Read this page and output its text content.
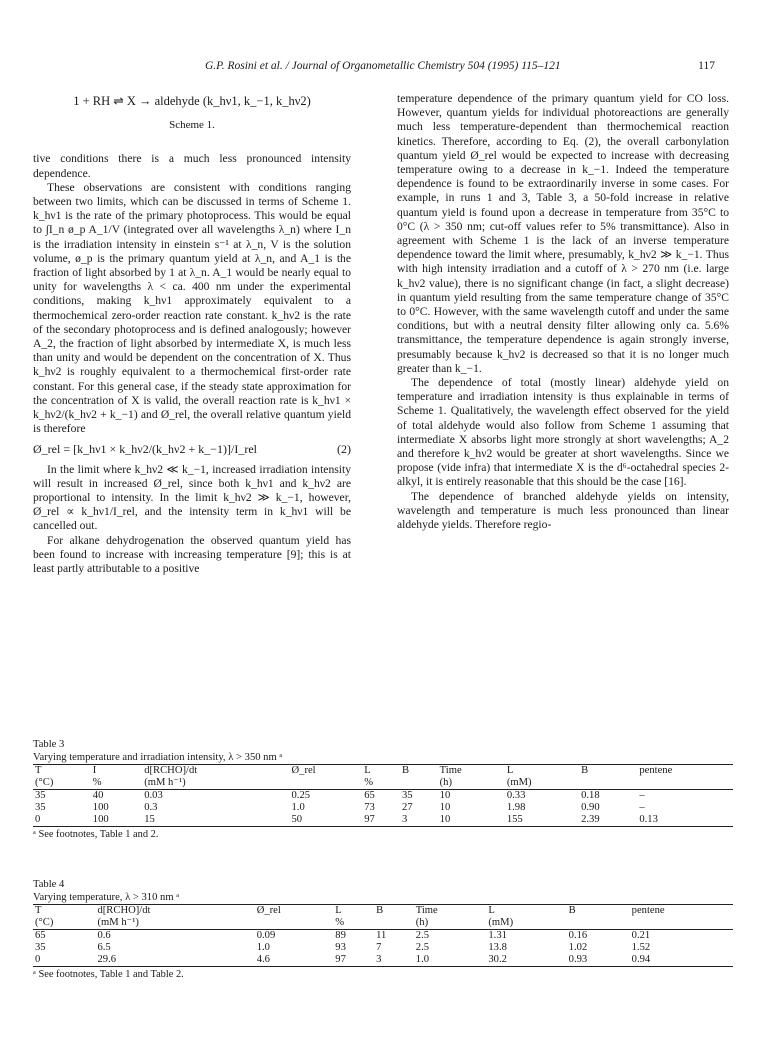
G.P. Rosini et al. / Journal of Organometallic Chemistry 504 (1995) 115–121	117
1 + RH ⇌ X → aldehyde (k_hν1, k_−1, k_hν2)
Scheme 1.

tive conditions there is a much less pronounced intensity dependence.

These observations are consistent with conditions ranging between two limits, which can be discussed in terms of Scheme 1. k_hν1 is the rate of the primary photoprocess. This would be equal to ∫I_n ø_p A_1/V (integrated over all wavelengths λ_n) where I_n is the irradiation intensity in einstein s⁻¹ at λ_n, V is the solution volume, ø_p is the primary quantum yield at λ_n, and A_1 is the fraction of light absorbed by 1 at λ_n. A_1 would be nearly equal to unity for wavelengths λ < ca. 400 nm under the experimental conditions, making k_hν1 approximately equivalent to a thermochemical zero-order reaction rate constant. k_hν2 is the rate of the secondary photoprocess and is defined analogously; however A_2, the fraction of light absorbed by intermediate X, is much less than unity and would be dependent on the concentration of X. Thus k_hν2 is roughly equivalent to a thermochemical first-order rate constant. For this general case, if the steady state approximation for the concentration of X is valid, the overall reaction rate is k_hν1 × k_hν2/(k_hν2 + k_−1) and Ø_rel, the overall relative quantum yield is therefore

Ø_rel = [k_hν1 × k_hν2/(k_hν2 + k_−1)]/I_rel	(2)

In the limit where k_hν2 ≪ k_−1, increased irradiation intensity will result in increased Ø_rel, since both k_hν1 and k_hν2 are proportional to intensity. In the limit k_hν2 ≫ k_−1, however, Ø_rel ∝ k_hν1/I_rel, and the intensity term in k_hν1 will be cancelled out.

For alkane dehydrogenation the observed quantum yield has been found to increase with increasing temperature [9]; this is at least partly attributable to a positive

temperature dependence of the primary quantum yield for CO loss. However, quantum yields for individual photoreactions are generally much less temperature-dependent than thermochemical reaction kinetics. Therefore, according to Eq. (2), the overall carbonylation quantum yield Ø_rel would be expected to increase with decreasing temperature owing to a decrease in k_−1. Indeed the temperature dependence is found to be extraordinarily inverse in some cases. For example, in runs 1 and 3, Table 3, a 50-fold increase in relative quantum yield is found upon a decrease in temperature from 35°C to 0°C (λ > 350 nm; cut-off values refer to 5% transmittance). Also in agreement with Scheme 1 is the lack of an inverse temperature dependence toward the limit where, presumably, k_hν2 ≫ k_−1. Thus with high intensity irradiation and a cutoff of λ > 270 nm (i.e. large k_hν2 value), there is no significant change (in fact, a slight decrease) in quantum yield resulting from the same temperature change of 35°C to 0°C. However, with the same wavelength cutoff and under the same conditions, but with a neutral density filter allowing only ca. 5.6% transmittance, the temperature dependence is again strongly inverse, presumably because k_hν2 is decreased so that it is no longer much greater than k_−1.

The dependence of total (mostly linear) aldehyde yield on temperature and irradiation intensity is thus explainable in terms of Scheme 1. Qualitatively, the wavelength effect observed for the yield of total aldehyde would also follow from Scheme 1 assuming that intermediate X absorbs light more strongly at short wavelengths; A_2 and therefore k_hν2 would be greater at short wavelengths. Since we propose (vide infra) that intermediate X is the d⁶-octahedral species 2-alkyl, it is entirely reasonable that this should be the case [16].

The dependence of branched aldehyde yields on intensity, wavelength and temperature is much less pronounced than linear aldehyde yields. Therefore regio-

Table 3
Varying temperature and irradiation intensity, λ > 350 nm ᵃ
T	I	d[RCHO]/dt	Ø_rel	L	B	Time	L	B	pentene
(°C)	%	(mM h⁻¹)		%		(h)	(mM)		
35	40	0.03	0.25	65	35	10	0.33	0.18	–
35	100	0.3	1.0	73	27	10	1.98	0.90	–
0	100	15	50	97	3	10	155	2.39	0.13
ᵃ See footnotes, Table 1 and 2.
Table 4
Varying temperature, λ > 310 nm ᵃ
T	d[RCHO]/dt	Ø_rel	L	B	Time	L	B	pentene
(°C)	(mM h⁻¹)		%		(h)	(mM)		
65	0.6	0.09	89	11	2.5	1.31	0.16	0.21
35	6.5	1.0	93	7	2.5	13.8	1.02	1.52
0	29.6	4.6	97	3	1.0	30.2	0.93	0.94
ᵃ See footnotes, Table 1 and Table 2.
